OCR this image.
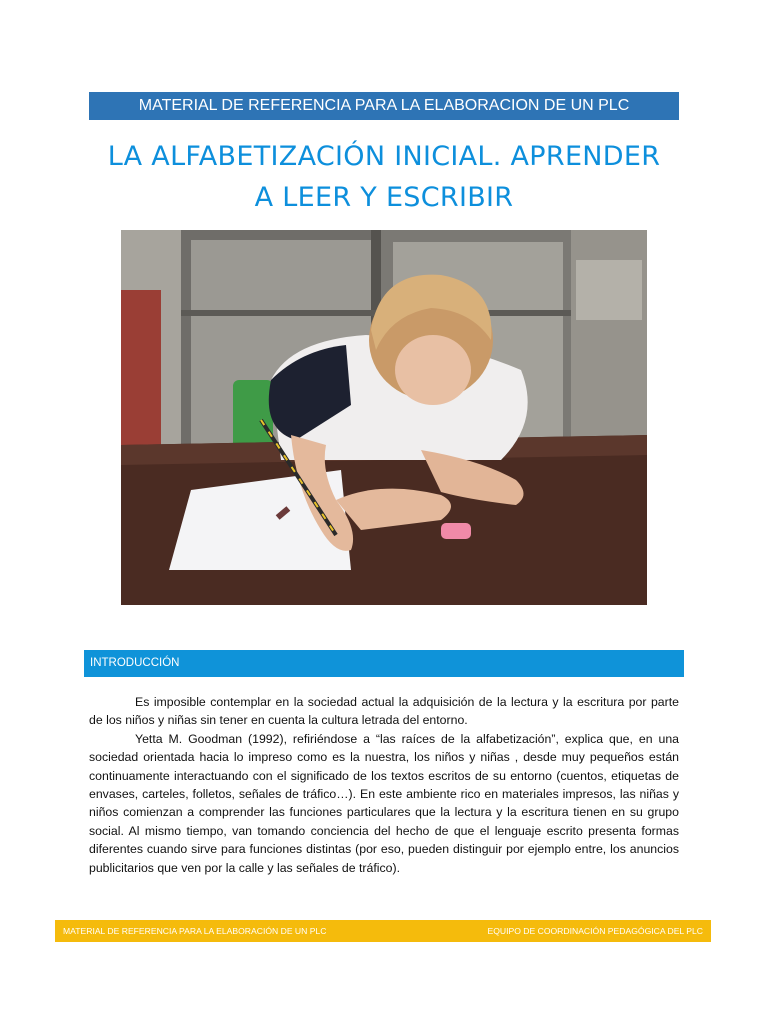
MATERIAL DE REFERENCIA PARA LA ELABORACION DE UN PLC
LA ALFABETIZACIÓN INICIAL. APRENDER
A LEER Y ESCRIBIR
INTRODUCCIÓN

Es imposible contemplar en la sociedad actual la adquisición de la lectura y la escritura por parte de los niños y niñas sin tener en cuenta la cultura letrada del entorno.

Yetta M. Goodman (1992), refiriéndose a “las raíces de la alfabetización”, explica que, en una sociedad orientada hacia lo impreso como es la nuestra, los niños y niñas , desde muy pequeños están continuamente interactuando con el significado de los textos escritos de su entorno (cuentos, etiquetas de envases, carteles, folletos, señales de tráfico…). En este ambiente rico en materiales impresos, las niñas y niños comienzan a comprender las funciones particulares que la lectura y la escritura tienen en su grupo social. Al mismo tiempo, van tomando conciencia del hecho de que el lenguaje escrito presenta formas diferentes cuando sirve para funciones distintas (por eso, pueden distinguir por ejemplo entre, los anuncios publicitarios que ven por la calle y las señales de tráfico).

MATERIAL DE REFERENCIA PARA LA ELABORACIÓN DE UN PLC	EQUIPO DE COORDINACIÓN PEDAGÓGICA DEL PLC
